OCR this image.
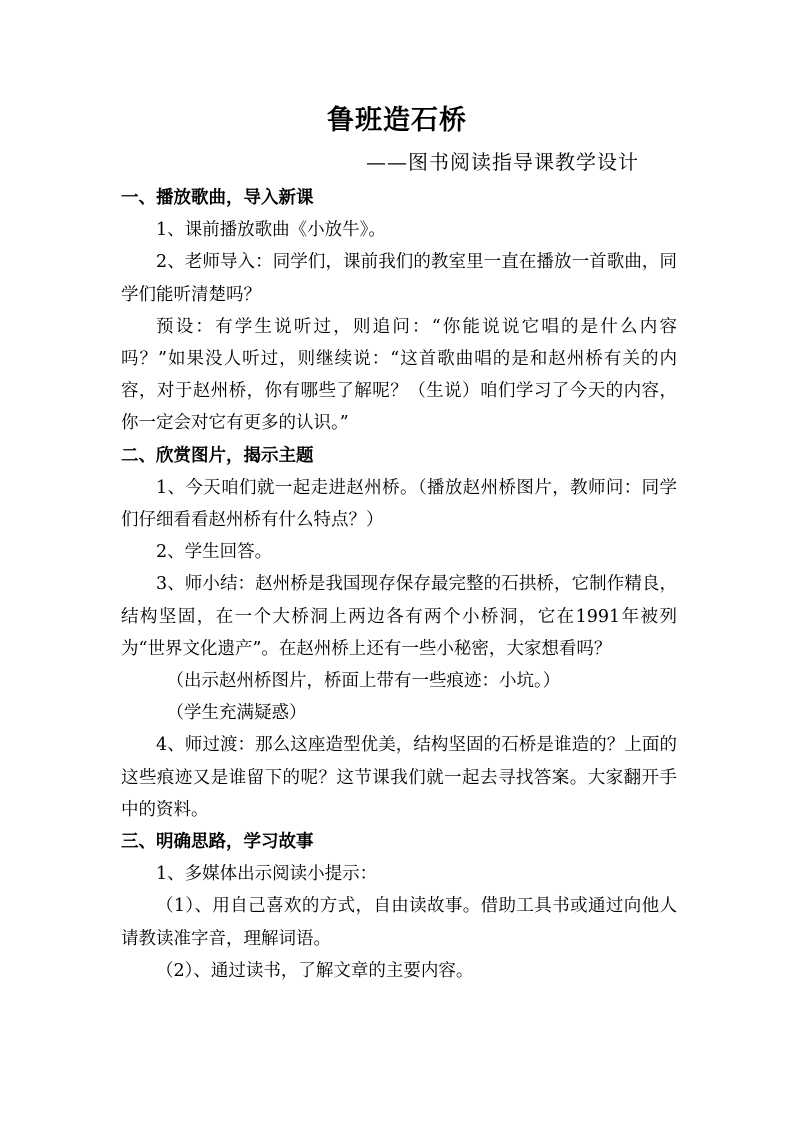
鲁班造石桥
——图书阅读指导课教学设计

一、播放歌曲，导入新课

1、课前播放歌曲《小放牛》。

2、老师导入：同学们，课前我们的教室里一直在播放一首歌曲，同学们能听清楚吗？

预设：有学生说听过，则追问：“你能说说它唱的是什么内容吗？”如果没人听过，则继续说：“这首歌曲唱的是和赵州桥有关的内容，对于赵州桥，你有哪些了解呢？（生说）咱们学习了今天的内容，你一定会对它有更多的认识。”

二、欣赏图片，揭示主题

1、今天咱们就一起走进赵州桥。（播放赵州桥图片，教师问：同学们仔细看看赵州桥有什么特点？）

2、学生回答。

3、师小结：赵州桥是我国现存保存最完整的石拱桥，它制作精良，结构坚固，在一个大桥洞上两边各有两个小桥洞，它在1991年被列为“世界文化遗产”。在赵州桥上还有一些小秘密，大家想看吗？

（出示赵州桥图片，桥面上带有一些痕迹：小坑。）

（学生充满疑惑）

4、师过渡：那么这座造型优美，结构坚固的石桥是谁造的？上面的这些痕迹又是谁留下的呢？这节课我们就一起去寻找答案。大家翻开手中的资料。

三、明确思路，学习故事

1、多媒体出示阅读小提示：

（1）、用自己喜欢的方式，自由读故事。借助工具书或通过向他人请教读准字音，理解词语。

（2）、通过读书，了解文章的主要内容。
